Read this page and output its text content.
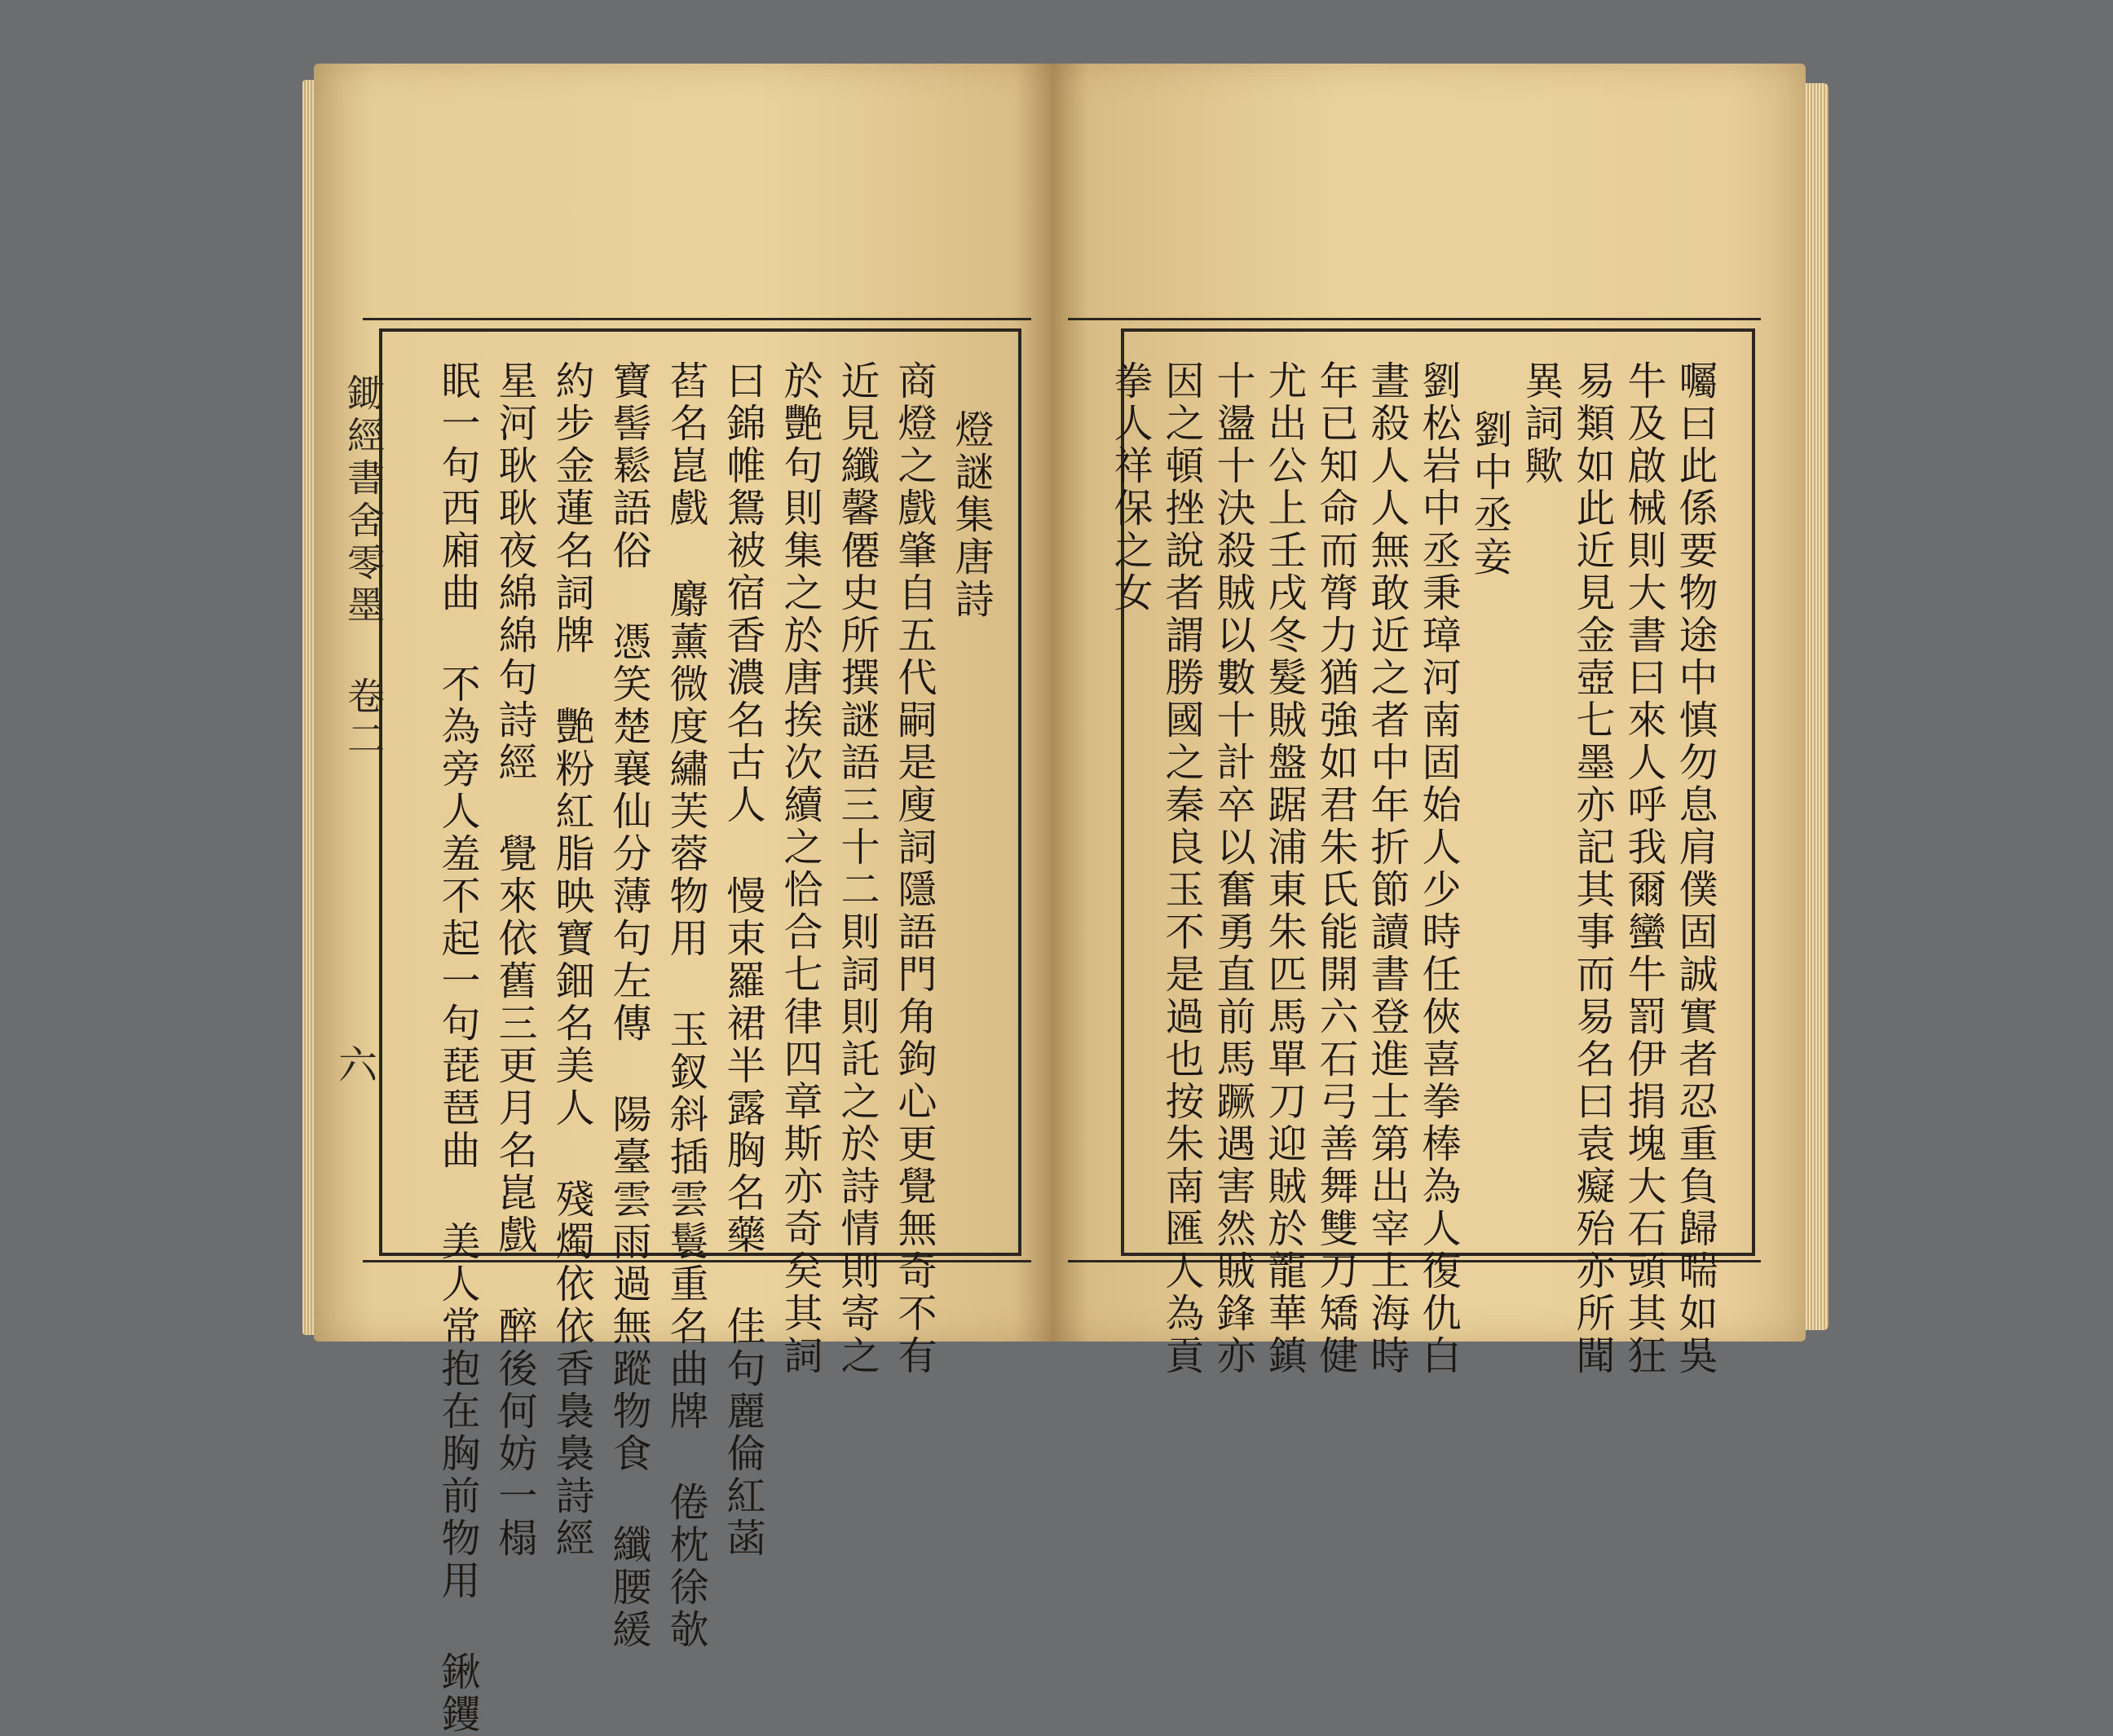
眠一句西廂曲 不為旁人羞不起一句琵琶曲 美人常抱在胸前物用 鍬钁 星河耿耿夜綿綿句詩經 覺來依舊三更月名崑戲 醉後何妨一榻 約步金蓮名詞牌 艷粉紅脂映寶鈿名美人 殘燭依依香裊裊詩經 寶髻鬆語俗 憑笑楚襄仙分薄句左傳 陽臺雲雨過無蹤物食 纖腰緩 萏名崑戲 麝薰微度繡芙蓉物用 玉釵斜插雲鬟重名曲牌 倦枕徐欹 曰錦帷鴛被宿香濃名古人 慢束羅裙半露胸名藥 佳句麗倫紅菡 於艷句則集之於唐挨次續之恰合七律四章斯亦奇矣其詞 近見纖馨僊史所撰謎語三十二則詞則託之於詩情則寄之 商燈之戲肇自五代嗣是廋詞隱語門角鉤心更覺無奇不有 燈謎集唐詩
鋤經書舍零墨 卷二
六
拳人祥保之女 因之頓挫說者謂勝國之秦良玉不是過也按朱南匯人為貢 十盪十決殺賊以數十計卒以奮勇直前馬蹶遇害然賊鋒亦 尤出公上壬戌冬髮賊盤踞浦東朱匹馬單刀迎賊於龍華鎮 年已知命而膂力猶強如君朱氏能開六石弓善舞雙刀矯健 晝殺人人無敢近之者中年折節讀書登進士第出宰上海時 劉松岩中丞秉璋河南固始人少時任俠喜拳棒為人復仇白 劉中丞妾 異詞歟 易類如此近見金壺七墨亦記其事而易名曰袁癡殆亦所聞 牛及啟械則大書曰來人呼我爾蠻牛罰伊捐塊大石頭其狂 囑曰此係要物途中慎勿息肩僕固誠實者忍重負歸喘如吳
